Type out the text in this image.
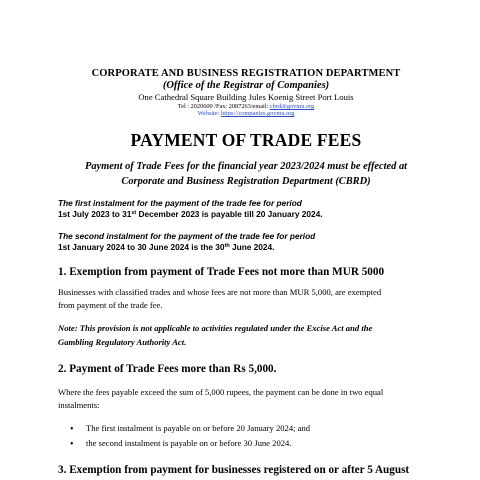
CORPORATE AND BUSINESS REGISTRATION DEPARTMENT
(Office of the Registrar of Companies)
One Cathedral Square Building Jules Koenig Street Port Louis
Tel : 2020600 /Fax: 2087263/email: cbrd@govmu.org
Website: https://companies.govmu.org
PAYMENT OF TRADE FEES
Payment of Trade Fees for the financial year 2023/2024 must be effected at
Corporate and Business Registration Department (CBRD)
The first instalment for the payment of the trade fee for period
1st July 2023 to 31st December 2023 is payable till 20 January 2024.
The second instalment for the payment of the trade fee for period
1st January 2024 to 30 June 2024 is the 30th June 2024.
1. Exemption from payment of Trade Fees not more than MUR 5000
Businesses with classified trades and whose fees are not more than MUR 5,000, are exempted
from payment of the trade fee.
Note: This provision is not applicable to activities regulated under the Excise Act and the
Gambling Regulatory Authority Act.
2. Payment of Trade Fees more than Rs 5,000.
Where the fees payable exceed the sum of 5,000 rupees, the payment can be done in two equal
instalments:
• The first instalment is payable on or before 20 January 2024; and
• the second instalment is payable on or before 30 June 2024.
3. Exemption from payment for businesses registered on or after 5 August
